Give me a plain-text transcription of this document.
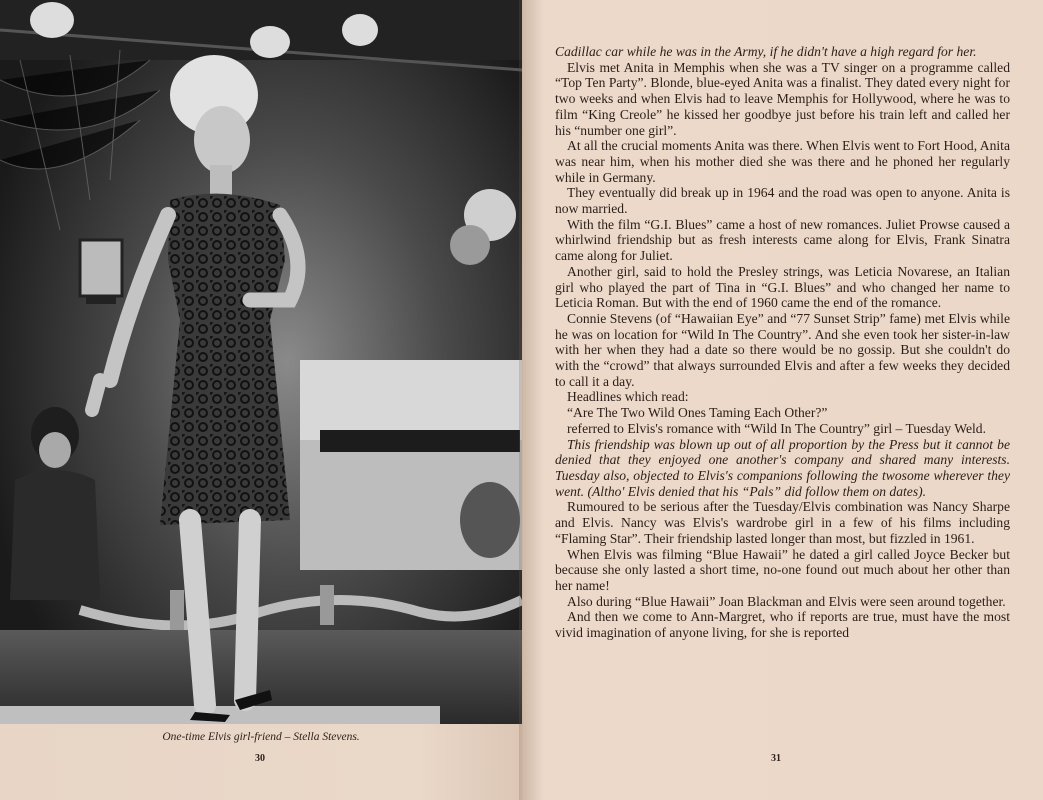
One-time Elvis girl-friend – Stella Stevens.
30

Cadillac car while he was in the Army, if he didn't have a high regard for her.

Elvis met Anita in Memphis when she was a TV singer on a programme called “Top Ten Party”. Blonde, blue-eyed Anita was a finalist. They dated every night for two weeks and when Elvis had to leave Memphis for Hollywood, where he was to film “King Creole” he kissed her goodbye just before his train left and called her his “number one girl”.

At all the crucial moments Anita was there. When Elvis went to Fort Hood, Anita was near him, when his mother died she was there and he phoned her regularly while in Germany.

They eventually did break up in 1964 and the road was open to anyone. Anita is now married.

With the film “G.I. Blues” came a host of new romances. Juliet Prowse caused a whirlwind friendship but as fresh interests came along for Elvis, Frank Sinatra came along for Juliet.

Another girl, said to hold the Presley strings, was Leticia Novarese, an Italian girl who played the part of Tina in “G.I. Blues” and who changed her name to Leticia Roman. But with the end of 1960 came the end of the romance.

Connie Stevens (of “Hawaiian Eye” and “77 Sunset Strip” fame) met Elvis while he was on location for “Wild In The Country”. And she even took her sister-in-law with her when they had a date so there would be no gossip. But she couldn't do with the “crowd” that always surrounded Elvis and after a few weeks they decided to call it a day.

Headlines which read:

“Are The Two Wild Ones Taming Each Other?”

referred to Elvis's romance with “Wild In The Country” girl – Tuesday Weld.

This friendship was blown up out of all proportion by the Press but it cannot be denied that they enjoyed one another's company and shared many interests. Tuesday also, objected to Elvis's companions following the twosome wherever they went. (Altho' Elvis denied that his “Pals” did follow them on dates).

Rumoured to be serious after the Tuesday/Elvis combination was Nancy Sharpe and Elvis. Nancy was Elvis's wardrobe girl in a few of his films including “Flaming Star”. Their friendship lasted longer than most, but fizzled in 1961.

When Elvis was filming “Blue Hawaii” he dated a girl called Joyce Becker but because she only lasted a short time, no-one found out much about her other than her name!

Also during “Blue Hawaii” Joan Blackman and Elvis were seen around together.

And then we come to Ann-Margret, who if reports are true, must have the most vivid imagination of anyone living, for she is reported

31
